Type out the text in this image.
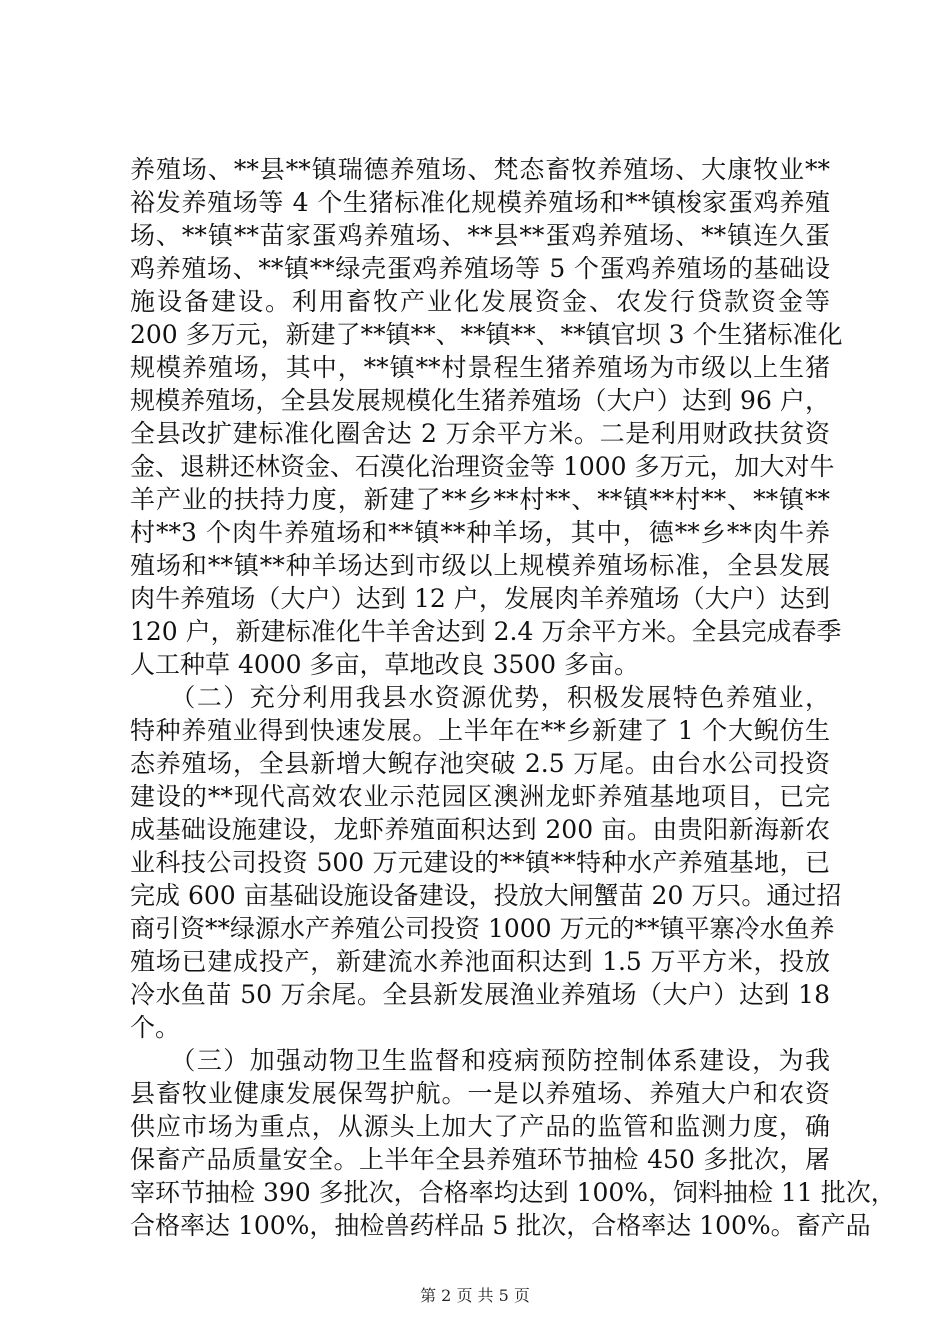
养殖场、**县**镇瑞德养殖场、梵态畜牧养殖场、大康牧业**
裕发养殖场等 4 个生猪标准化规模养殖场和**镇梭家蛋鸡养殖
场、**镇**苗家蛋鸡养殖场、**县**蛋鸡养殖场、**镇连久蛋
鸡养殖场、**镇**绿壳蛋鸡养殖场等 5 个蛋鸡养殖场的基础设
施设备建设。利用畜牧产业化发展资金、农发行贷款资金等
200 多万元，新建了**镇**、**镇**、**镇官坝 3 个生猪标准化
规模养殖场，其中，**镇**村景程生猪养殖场为市级以上生猪
规模养殖场，全县发展规模化生猪养殖场（大户）达到 96 户，
全县改扩建标准化圈舍达 2 万余平方米。二是利用财政扶贫资
金、退耕还林资金、石漠化治理资金等 1000 多万元，加大对牛
羊产业的扶持力度，新建了**乡**村**、**镇**村**、**镇**
村**3 个肉牛养殖场和**镇**种羊场，其中，德**乡**肉牛养
殖场和**镇**种羊场达到市级以上规模养殖场标准，全县发展
肉牛养殖场（大户）达到 12 户，发展肉羊养殖场（大户）达到
120 户，新建标准化牛羊舍达到 2.4 万余平方米。全县完成春季
人工种草 4000 多亩，草地改良 3500 多亩。
　　（二）充分利用我县水资源优势，积极发展特色养殖业，
特种养殖业得到快速发展。上半年在**乡新建了 1 个大鲵仿生
态养殖场，全县新增大鲵存池突破 2.5 万尾。由台水公司投资
建设的**现代高效农业示范园区澳洲龙虾养殖基地项目，已完
成基础设施建设，龙虾养殖面积达到 200 亩。由贵阳新海新农
业科技公司投资 500 万元建设的**镇**特种水产养殖基地，已
完成 600 亩基础设施设备建设，投放大闸蟹苗 20 万只。通过招
商引资**绿源水产养殖公司投资 1000 万元的**镇平寨冷水鱼养
殖场已建成投产，新建流水养池面积达到 1.5 万平方米，投放
冷水鱼苗 50 万余尾。全县新发展渔业养殖场（大户）达到 18
个。
　　（三）加强动物卫生监督和疫病预防控制体系建设，为我
县畜牧业健康发展保驾护航。一是以养殖场、养殖大户和农资
供应市场为重点，从源头上加大了产品的监管和监测力度，确
保畜产品质量安全。上半年全县养殖环节抽检 450 多批次，屠
宰环节抽检 390 多批次，合格率均达到 100%，饲料抽检 11 批次，
合格率达 100%，抽检兽药样品 5 批次，合格率达 100%。畜产品
第 2 页 共 5 页
